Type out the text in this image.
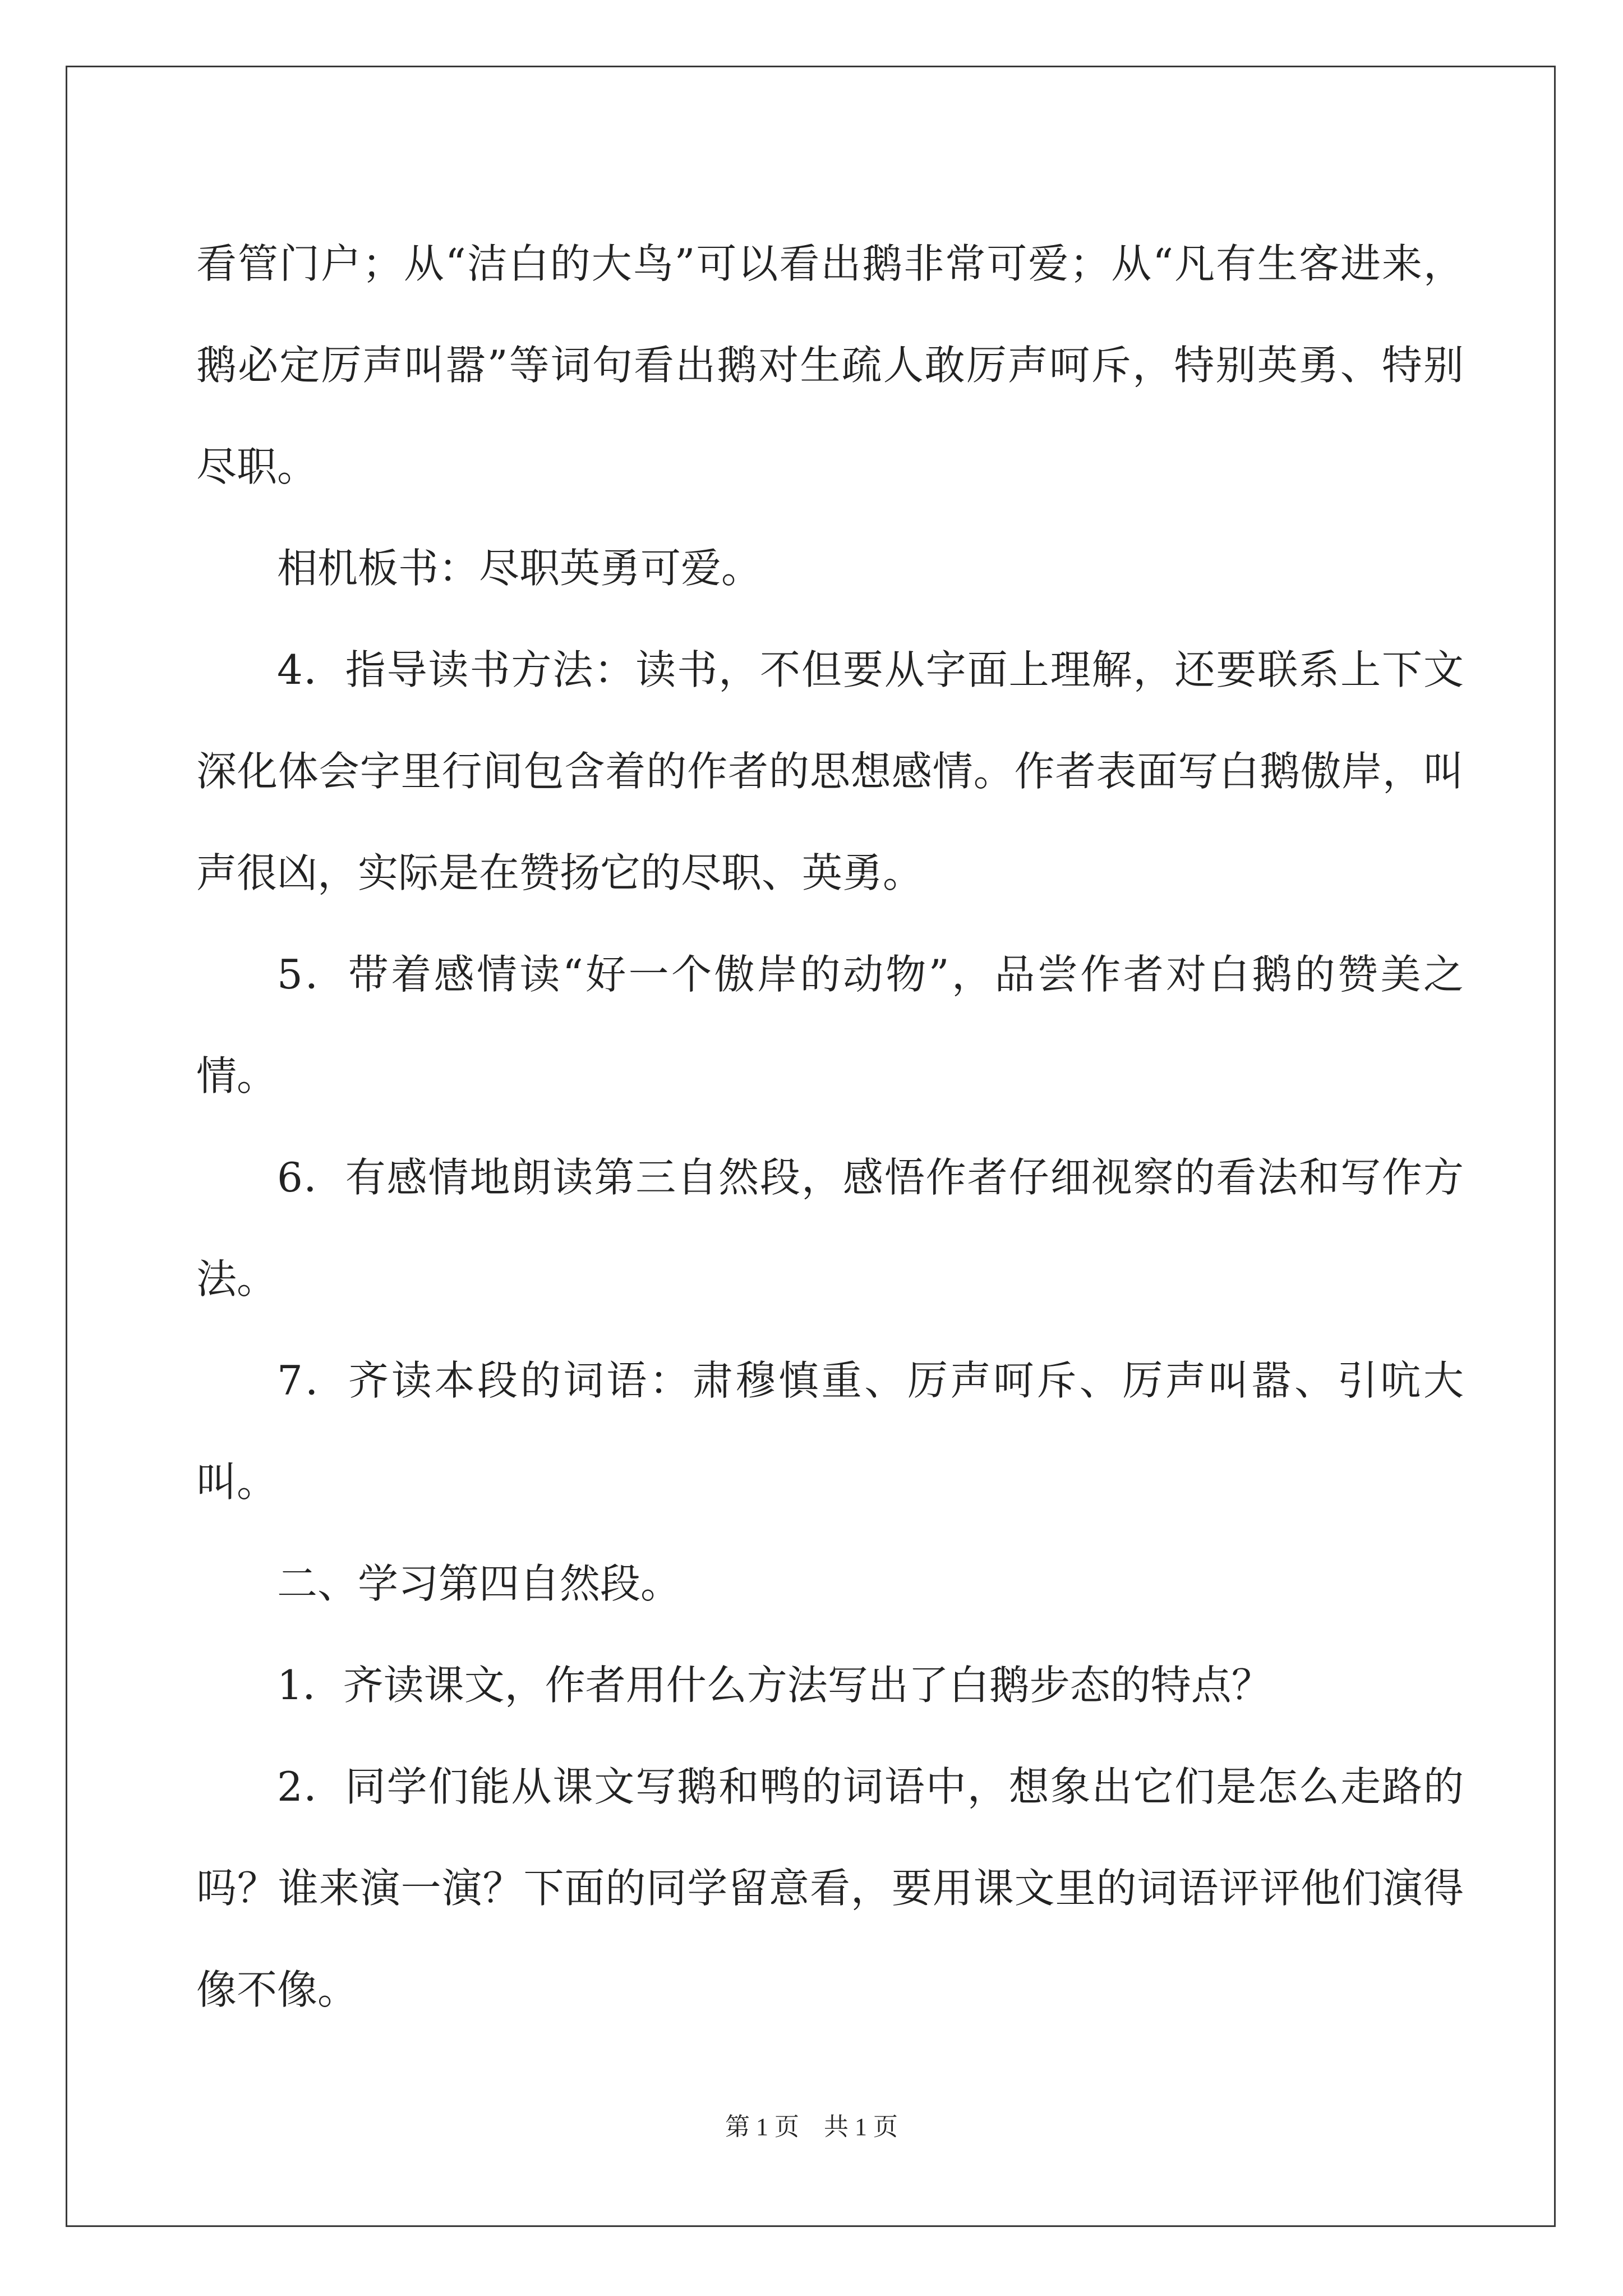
看管门户；从“洁白的大鸟”可以看出鹅非常可爱；从“凡有生客进来，鹅必定厉声叫嚣”等词句看出鹅对生疏人敢厉声呵斥，特别英勇、特别尽职。

相机板书：尽职英勇可爱。

4．指导读书方法：读书，不但要从字面上理解，还要联系上下文深化体会字里行间包含着的作者的思想感情。作者表面写白鹅傲岸，叫声很凶，实际是在赞扬它的尽职、英勇。

5．带着感情读“好一个傲岸的动物”，品尝作者对白鹅的赞美之情。

6．有感情地朗读第三自然段，感悟作者仔细视察的看法和写作方法。

7．齐读本段的词语：肃穆慎重、厉声呵斥、厉声叫嚣、引吭大叫。

二、学习第四自然段。

1．齐读课文，作者用什么方法写出了白鹅步态的特点？

2．同学们能从课文写鹅和鸭的词语中，想象出它们是怎么走路的吗？谁来演一演？下面的同学留意看，要用课文里的词语评评他们演得像不像。

第 1 页    共 1 页
